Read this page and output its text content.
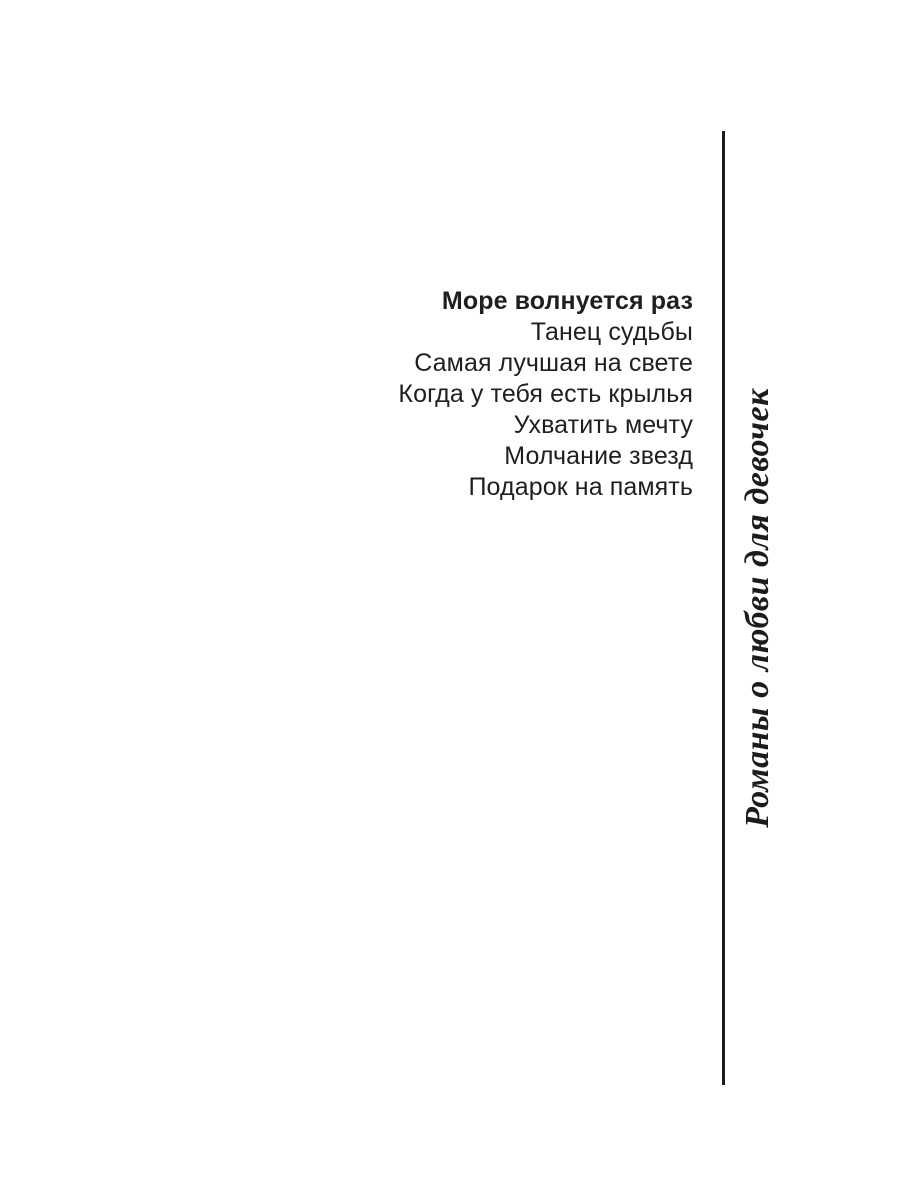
Море волнуется раз
Танец судьбы
Самая лучшая на свете
Когда у тебя есть крылья
Ухватить мечту
Молчание звезд
Подарок на память Романы о любви для девочек
